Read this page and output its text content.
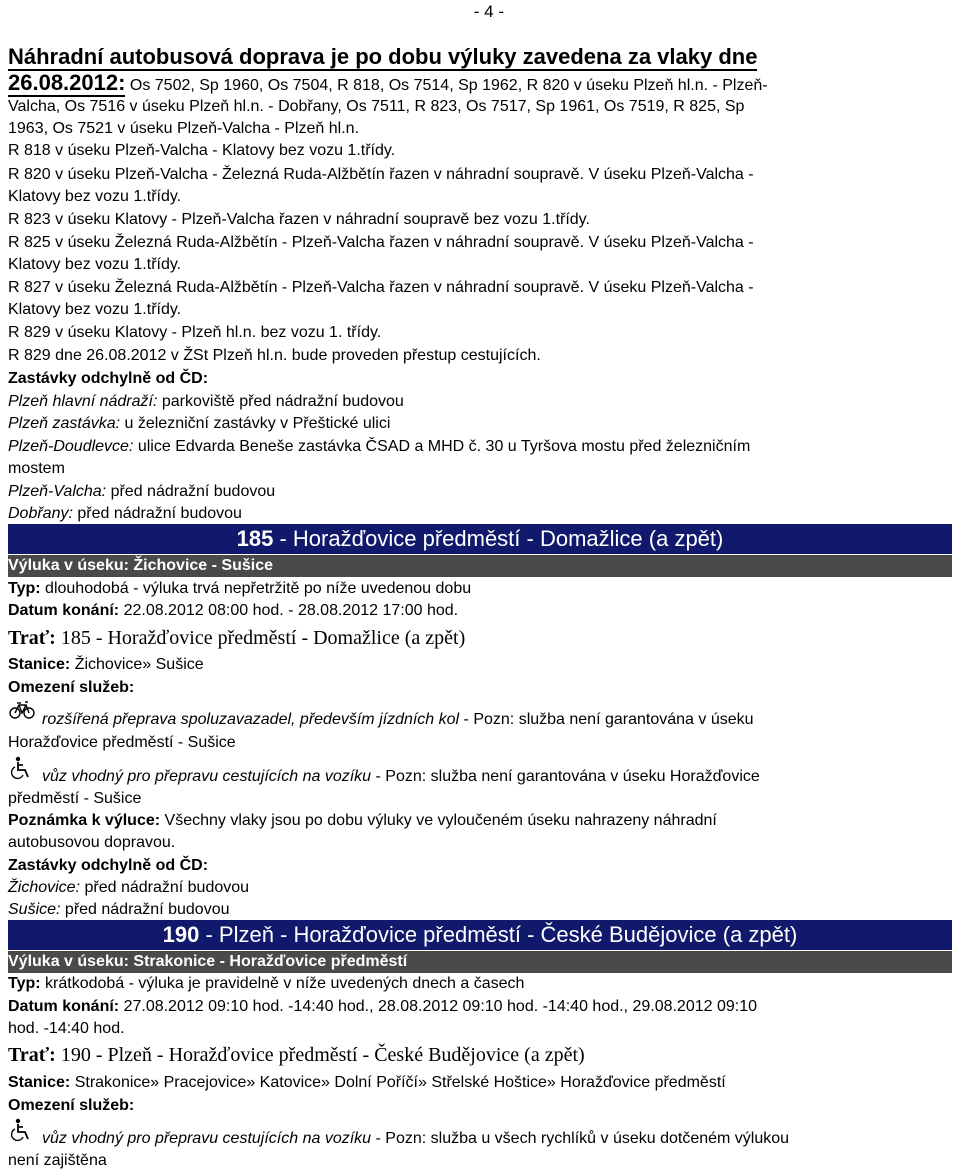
- 4 -
Náhradní autobusová doprava je po dobu výluky zavedena za vlaky dne
26.08.2012: Os 7502, Sp 1960, Os 7504, R 818, Os 7514, Sp 1962, R 820 v úseku Plzeň hl.n. - Plzeň-
Valcha, Os 7516 v úseku Plzeň hl.n. - Dobřany, Os 7511, R 823, Os 7517, Sp 1961, Os 7519, R 825, Sp
1963, Os 7521 v úseku Plzeň-Valcha - Plzeň hl.n.
R 818 v úseku Plzeň-Valcha - Klatovy bez vozu 1.třídy.
R 820 v úseku Plzeň-Valcha - Železná Ruda-Alžbětín řazen v náhradní soupravě. V úseku Plzeň-Valcha -
Klatovy bez vozu 1.třídy.
R 823 v úseku Klatovy - Plzeň-Valcha řazen v náhradní soupravě bez vozu 1.třídy.
R 825 v úseku Železná Ruda-Alžbětín - Plzeň-Valcha řazen v náhradní soupravě. V úseku Plzeň-Valcha -
Klatovy bez vozu 1.třídy.
R 827 v úseku Železná Ruda-Alžbětín - Plzeň-Valcha řazen v náhradní soupravě. V úseku Plzeň-Valcha -
Klatovy bez vozu 1.třídy.
R 829 v úseku Klatovy - Plzeň hl.n. bez vozu 1. třídy.
R 829 dne 26.08.2012 v ŽSt Plzeň hl.n. bude proveden přestup cestujících.
Zastávky odchylně od ČD:
Plzeň hlavní nádraží: parkoviště před nádražní budovou
Plzeň zastávka: u železniční zastávky v Přeštické ulici
Plzeň-Doudlevce: ulice Edvarda Beneše zastávka ČSAD a MHD č. 30 u Tyršova mostu před železničním
mostem
Plzeň-Valcha: před nádražní budovou
Dobřany: před nádražní budovou
185 - Horažďovice předměstí - Domažlice (a zpět)
Výluka v úseku: Žichovice - Sušice
Typ: dlouhodobá - výluka trvá nepřetržitě po níže uvedenou dobu
Datum konání: 22.08.2012 08:00 hod. - 28.08.2012 17:00 hod.
Trať: 185 - Horažďovice předměstí - Domažlice (a zpět)
Stanice: Žichovice» Sušice
Omezení služeb:
rozšířená přeprava spoluzavazadel, především jízdních kol - Pozn: služba není garantována v úseku
Horažďovice předměstí - Sušice
vůz vhodný pro přepravu cestujících na vozíku - Pozn: služba není garantována v úseku Horažďovice
předměstí - Sušice
Poznámka k výluce: Všechny vlaky jsou po dobu výluky ve vyloučeném úseku nahrazeny náhradní
autobusovou dopravou.
Zastávky odchylně od ČD:
Žichovice: před nádražní budovou
Sušice: před nádražní budovou
190 - Plzeň - Horažďovice předměstí - České Budějovice (a zpět)
Výluka v úseku: Strakonice - Horažďovice předměstí
Typ: krátkodobá - výluka je pravidelně v níže uvedených dnech a časech
Datum konání: 27.08.2012 09:10 hod. -14:40 hod., 28.08.2012 09:10 hod. -14:40 hod., 29.08.2012 09:10
hod. -14:40 hod.
Trať: 190 - Plzeň - Horažďovice předměstí - České Budějovice (a zpět)
Stanice: Strakonice» Pracejovice» Katovice» Dolní Poříčí» Střelské Hoštice» Horažďovice předměstí
Omezení služeb:
vůz vhodný pro přepravu cestujících na vozíku - Pozn: služba u všech rychlíků v úseku dotčeném výlukou
není zajištěna
